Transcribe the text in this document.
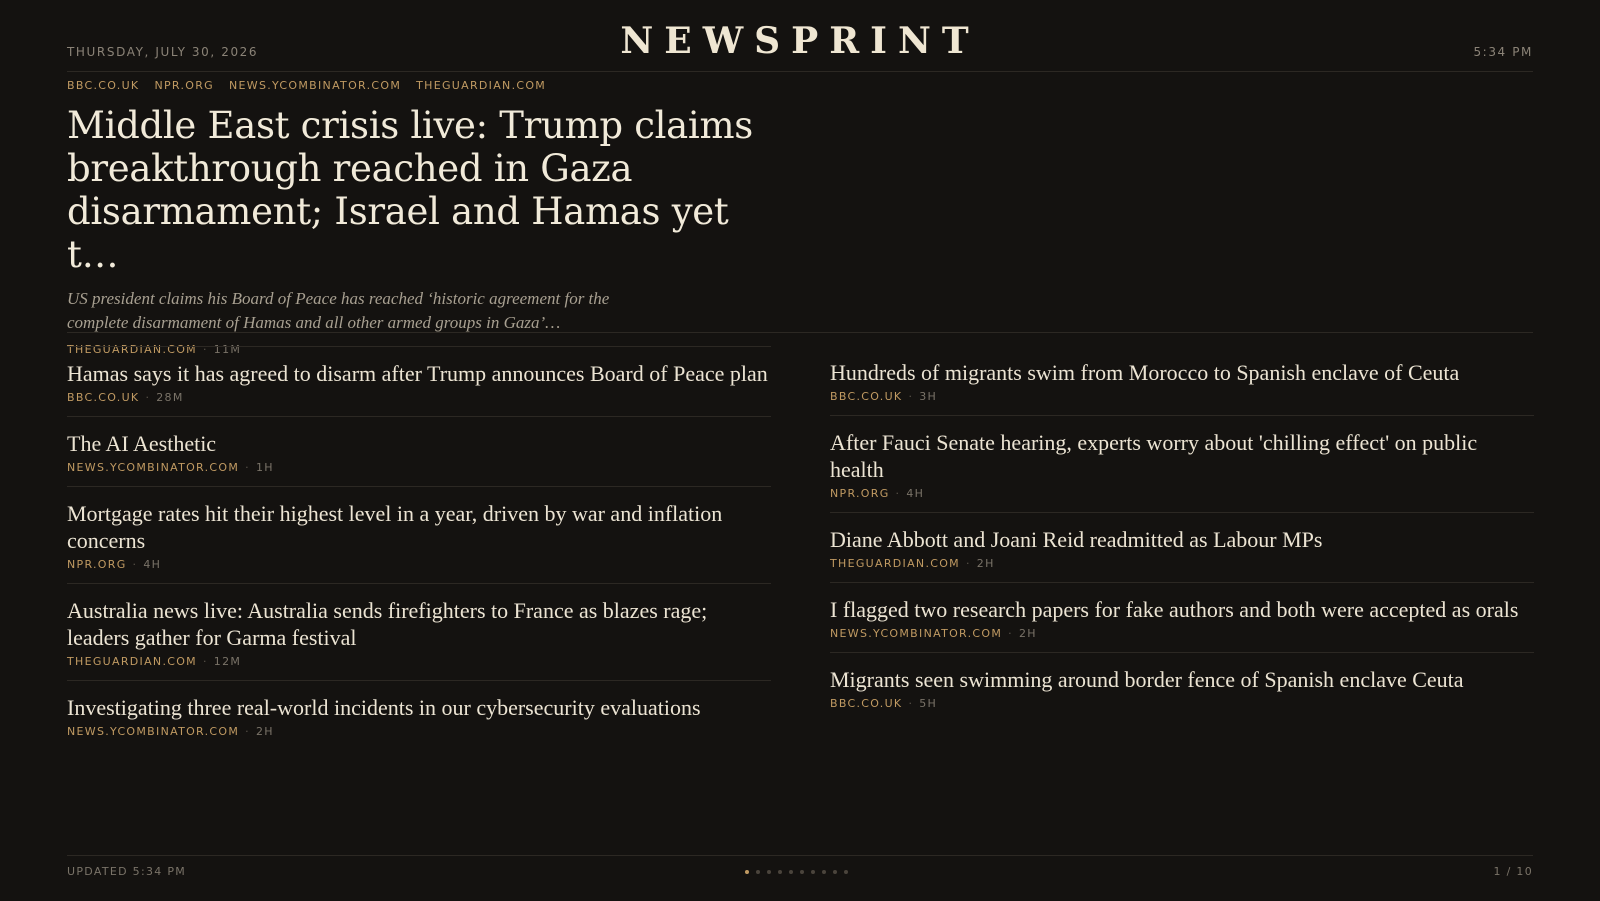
THURSDAY, JULY 30, 2026	NEWSPRINT	5:34 PM
BBC.CO.UK NPR.ORG NEWS.YCOMBINATOR.COM THEGUARDIAN.COM
Middle East crisis live: Trump claims breakthrough reached in Gaza disarmament; Israel and Hamas yet t…
US president claims his Board of Peace has reached ‘historic agreement for the complete disarmament of Hamas and all other armed groups in Gaza’…
THEGUARDIAN.COM · 11M
Hamas says it has agreed to disarm after Trump announces Board of Peace plan
BBC.CO.UK · 28M
The AI Aesthetic
NEWS.YCOMBINATOR.COM · 1H
Mortgage rates hit their highest level in a year, driven by war and inflation concerns
NPR.ORG · 4H
Australia news live: Australia sends firefighters to France as blazes rage; leaders gather for Garma festival
THEGUARDIAN.COM · 12M
Investigating three real-world incidents in our cybersecurity evaluations
NEWS.YCOMBINATOR.COM · 2H
Hundreds of migrants swim from Morocco to Spanish enclave of Ceuta
BBC.CO.UK · 3H
After Fauci Senate hearing, experts worry about 'chilling effect' on public health
NPR.ORG · 4H
Diane Abbott and Joani Reid readmitted as Labour MPs
THEGUARDIAN.COM · 2H
I flagged two research papers for fake authors and both were accepted as orals
NEWS.YCOMBINATOR.COM · 2H
Migrants seen swimming around border fence of Spanish enclave Ceuta
BBC.CO.UK · 5H
UPDATED 5:34 PM	1 / 10
